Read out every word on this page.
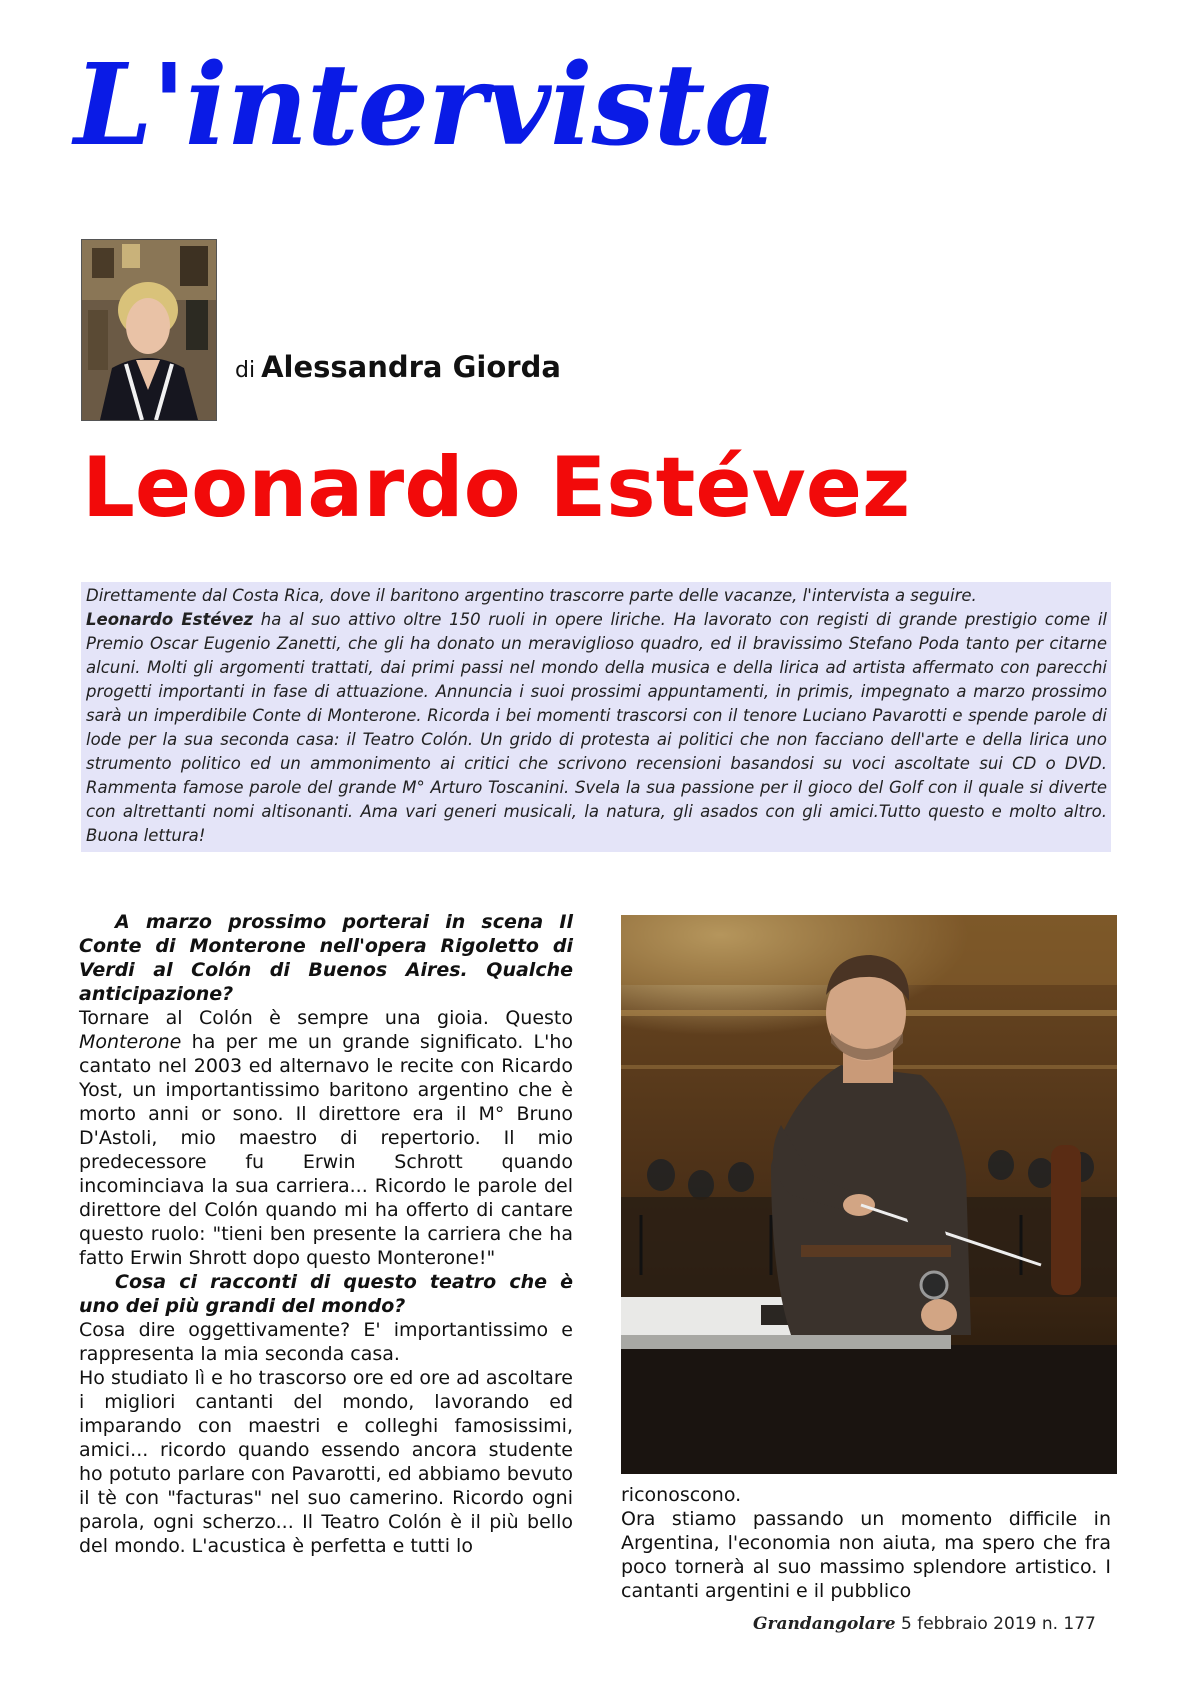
L'intervista
di Alessandra Giorda
Leonardo Estévez

Direttamente dal Costa Rica, dove il baritono argentino trascorre parte delle vacanze, l'intervista a seguire.
Leonardo Estévez ha al suo attivo oltre 150 ruoli in opere liriche. Ha lavorato con registi di grande prestigio come il Premio Oscar Eugenio Zanetti, che gli ha donato un meraviglioso quadro, ed il bravissimo Stefano Poda tanto per citarne alcuni. Molti gli argomenti trattati, dai primi passi nel mondo della musica e della lirica ad artista affermato con parecchi progetti importanti in fase di attuazione. Annuncia i suoi prossimi appuntamenti, in primis, impegnato a marzo prossimo sarà un imperdibile Conte di Monterone. Ricorda i bei momenti trascorsi con il tenore Luciano Pavarotti e spende parole di lode per la sua seconda casa: il Teatro Colón. Un grido di protesta ai politici che non facciano dell'arte e della lirica uno strumento politico ed un ammonimento ai critici che scrivono recensioni basandosi su voci ascoltate sui CD o DVD. Rammenta famose parole del grande M° Arturo Toscanini. Svela la sua passione per il gioco del Golf con il quale si diverte con altrettanti nomi altisonanti. Ama vari generi musicali, la natura, gli asados con gli amici.Tutto questo e molto altro. Buona lettura!

A marzo prossimo porterai in scena Il Conte di Monterone nell'opera Rigoletto di Verdi al Colón di Buenos Aires. Qualche anticipazione?

Tornare al Colón è sempre una gioia. Questo Monterone ha per me un grande significato. L'ho cantato nel 2003 ed alternavo le recite con Ricardo Yost, un importantissimo baritono argentino che è morto anni or sono. Il direttore era il M° Bruno D'Astoli, mio maestro di repertorio. Il mio predecessore fu Erwin Schrott quando incominciava la sua carriera... Ricordo le parole del direttore del Colón quando mi ha offerto di cantare questo ruolo: "tieni ben presente la carriera che ha fatto Erwin Shrott dopo questo Monterone!"

Cosa ci racconti di questo teatro che è uno dei più grandi del mondo?

Cosa dire oggettivamente? E' importantissimo e rappresenta la mia seconda casa.

Ho studiato lì e ho trascorso ore ed ore ad ascoltare i migliori cantanti del mondo, lavorando ed imparando con maestri e colleghi famosissimi, amici... ricordo quando essendo ancora studente ho potuto parlare con Pavarotti, ed abbiamo bevuto il tè con "facturas" nel suo camerino. Ricordo ogni parola, ogni scherzo... Il Teatro Colón è il più bello del mondo. L'acustica è perfetta e tutti lo

riconoscono.

Ora stiamo passando un momento difficile in Argentina, l'economia non aiuta, ma spero che fra poco tornerà al suo massimo splendore artistico. I cantanti argentini e il pubblico

Grandangolare 5 febbraio 2019 n. 177
